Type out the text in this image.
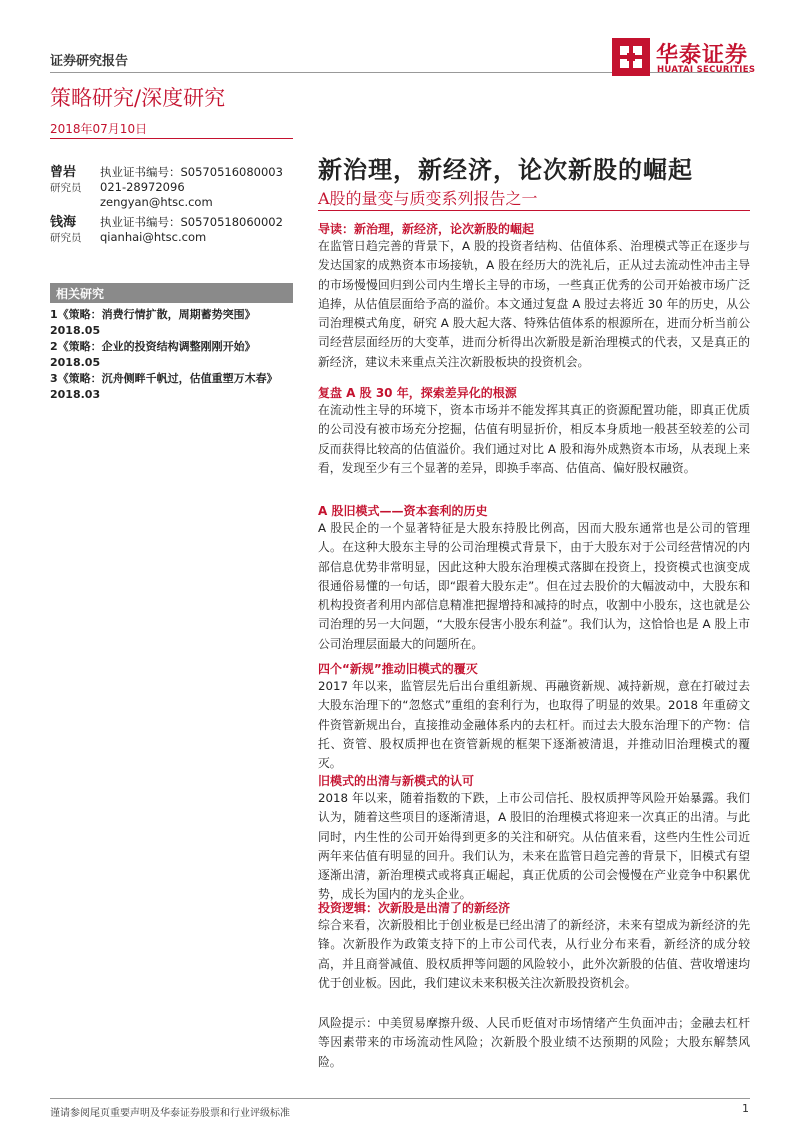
证券研究报告
策略研究/深度研究
2018年07月10日
华泰证券
HUATAI SECURITIES
曾岩
研究员
执业证书编号：S0570516080003
021-28972096
zengyan@htsc.com
钱海
研究员
执业证书编号：S0570518060002
qianhai@htsc.com
相关研究
1《策略：消费行情扩散，周期蓄势突围》
2018.05
2《策略：企业的投资结构调整刚刚开始》
2018.05
3《策略：沉舟侧畔千帆过，估值重塑万木春》
2018.03
新治理，新经济，论次新股的崛起
A股的量变与质变系列报告之一
导读：新治理，新经济，论次新股的崛起
在监管日趋完善的背景下，A 股的投资者结构、估值体系、治理模式等正在逐步与发达国家的成熟资本市场接轨，A 股在经历大的洗礼后，正从过去流动性冲击主导的市场慢慢回归到公司内生增长主导的市场，一些真正优秀的公司开始被市场广泛追捧，从估值层面给予高的溢价。本文通过复盘 A 股过去将近 30 年的历史，从公司治理模式角度，研究 A 股大起大落、特殊估值体系的根源所在，进而分析当前公司经营层面经历的大变革，进而分析得出次新股是新治理模式的代表，又是真正的新经济，建议未来重点关注次新股板块的投资机会。
复盘 A 股 30 年，探索差异化的根源
在流动性主导的环境下，资本市场并不能发挥其真正的资源配置功能，即真正优质的公司没有被市场充分挖掘，估值有明显折价，相反本身质地一般甚至较差的公司反而获得比较高的估值溢价。我们通过对比 A 股和海外成熟资本市场，从表现上来看，发现至少有三个显著的差异，即换手率高、估值高、偏好股权融资。
A 股旧模式——资本套利的历史
A 股民企的一个显著特征是大股东持股比例高，因而大股东通常也是公司的管理人。在这种大股东主导的公司治理模式背景下，由于大股东对于公司经营情况的内部信息优势非常明显，因此这种大股东治理模式落脚在投资上，投资模式也演变成很通俗易懂的一句话，即“跟着大股东走”。但在过去股价的大幅波动中，大股东和机构投资者利用内部信息精准把握增持和减持的时点，收割中小股东，这也就是公司治理的另一大问题，“大股东侵害小股东利益”。我们认为，这恰恰也是 A 股上市公司治理层面最大的问题所在。
四个“新规”推动旧模式的覆灭
2017 年以来，监管层先后出台重组新规、再融资新规、减持新规，意在打破过去大股东治理下的“忽悠式”重组的套利行为，也取得了明显的效果。2018 年重磅文件资管新规出台，直接推动金融体系内的去杠杆。而过去大股东治理下的产物：信托、资管、股权质押也在资管新规的框架下逐渐被清退，并推动旧治理模式的覆灭。
旧模式的出清与新模式的认可
2018 年以来，随着指数的下跌，上市公司信托、股权质押等风险开始暴露。我们认为，随着这些项目的逐渐清退，A 股旧的治理模式将迎来一次真正的出清。与此同时，内生性的公司开始得到更多的关注和研究。从估值来看，这些内生性公司近两年来估值有明显的回升。我们认为，未来在监管日趋完善的背景下，旧模式有望逐渐出清，新治理模式或将真正崛起，真正优质的公司会慢慢在产业竞争中积累优势，成长为国内的龙头企业。
投资逻辑：次新股是出清了的新经济
综合来看，次新股相比于创业板是已经出清了的新经济，未来有望成为新经济的先锋。次新股作为政策支持下的上市公司代表，从行业分布来看，新经济的成分较高，并且商誉减值、股权质押等问题的风险较小，此外次新股的估值、营收增速均优于创业板。因此，我们建议未来积极关注次新股投资机会。
风险提示：中美贸易摩擦升级、人民币贬值对市场情绪产生负面冲击；金融去杠杆等因素带来的市场流动性风险；次新股个股业绩不达预期的风险；大股东解禁风险。
谨请参阅尾页重要声明及华泰证券股票和行业评级标准	1
